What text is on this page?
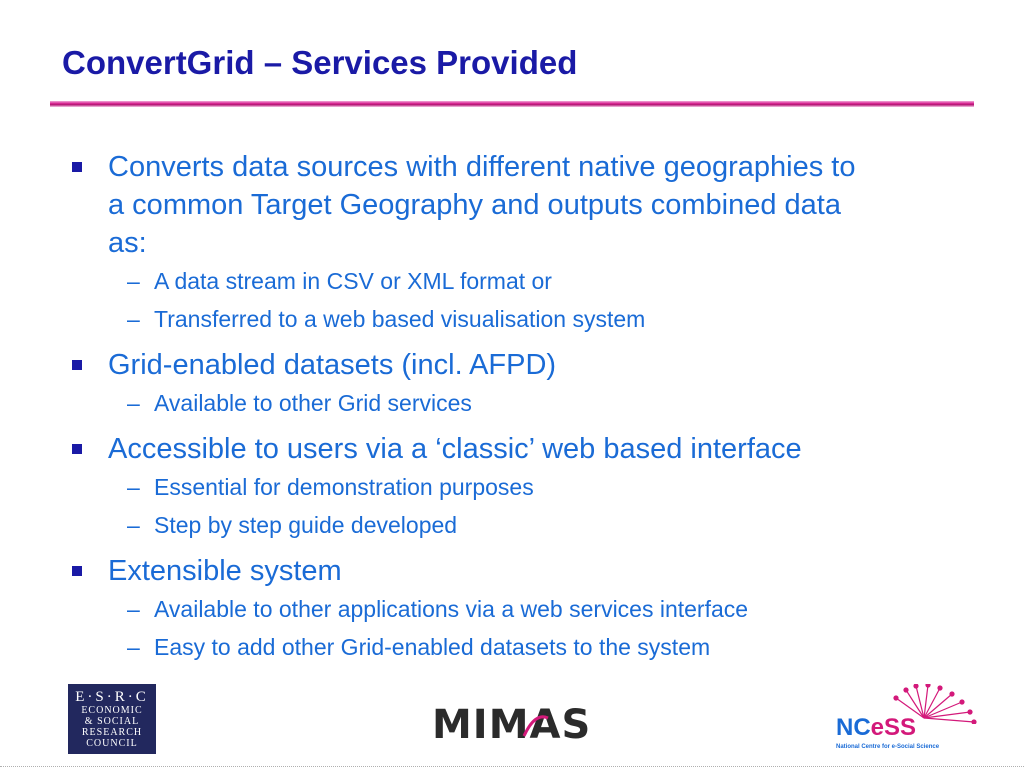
ConvertGrid – Services Provided
Converts data sources with different native geographies to a common Target Geography and outputs combined data as:
– A data stream in CSV or XML format or
– Transferred to a web based visualisation system
Grid-enabled datasets (incl. AFPD)
– Available to other Grid services
Accessible to users via a ‘classic’ web based interface
– Essential for demonstration purposes
– Step by step guide developed
Extensible system
– Available to other applications via a web services interface
– Easy to add other Grid-enabled datasets to the system
E·S·R·C
ECONOMIC
& SOCIAL
RESEARCH
COUNCIL	MIMAS	NCeSS
National Centre for e-Social Science
